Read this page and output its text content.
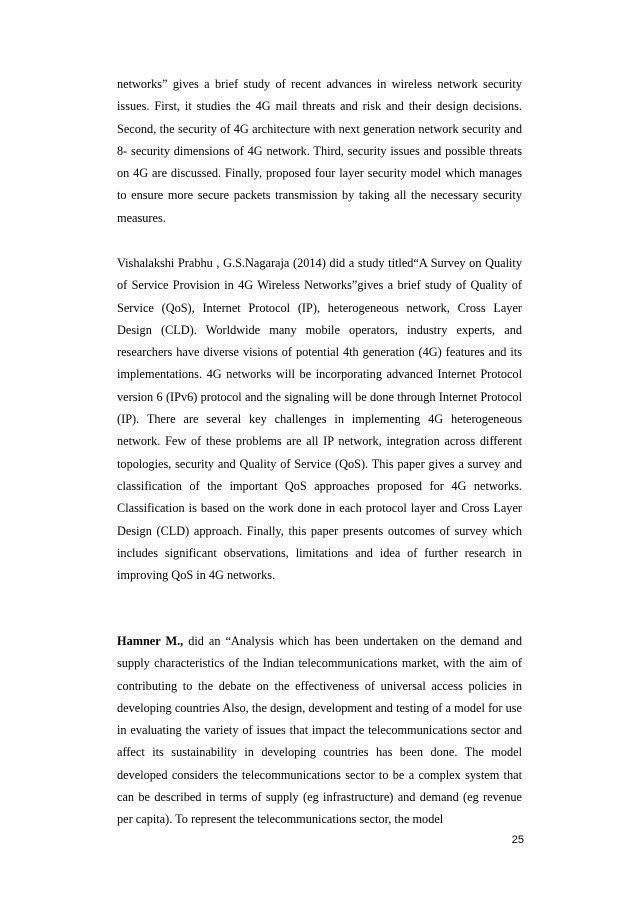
networks” gives a brief study of recent advances in wireless network security issues. First, it studies the 4G mail threats and risk and their design decisions. Second, the security of 4G architecture with next generation network security and 8- security dimensions of 4G network. Third, security issues and possible threats on 4G are discussed. Finally, proposed four layer security model which manages to ensure more secure packets transmission by taking all the necessary security measures.

Vishalakshi Prabhu , G.S.Nagaraja (2014) did a study titled“A Survey on Quality of Service Provision in 4G Wireless Networks”gives a brief study of Quality of Service (QoS), Internet Protocol (IP), heterogeneous network, Cross Layer Design (CLD). Worldwide many mobile operators, industry experts, and researchers have diverse visions of potential 4th generation (4G) features and its implementations. 4G networks will be incorporating advanced Internet Protocol version 6 (IPv6) protocol and the signaling will be done through Internet Protocol (IP). There are several key challenges in implementing 4G heterogeneous network. Few of these problems are all IP network, integration across different topologies, security and Quality of Service (QoS). This paper gives a survey and classification of the important QoS approaches proposed for 4G networks. Classification is based on the work done in each protocol layer and Cross Layer Design (CLD) approach. Finally, this paper presents outcomes of survey which includes significant observations, limitations and idea of further research in improving QoS in 4G networks.

Hamner M., did an “Analysis which has been undertaken on the demand and supply characteristics of the Indian telecommunications market, with the aim of contributing to the debate on the effectiveness of universal access policies in developing countries Also, the design, development and testing of a model for use in evaluating the variety of issues that impact the telecommunications sector and affect its sustainability in developing countries has been done. The model developed considers the telecommunications sector to be a complex system that can be described in terms of supply (eg infrastructure) and demand (eg revenue per capita). To represent the telecommunications sector, the model

25
